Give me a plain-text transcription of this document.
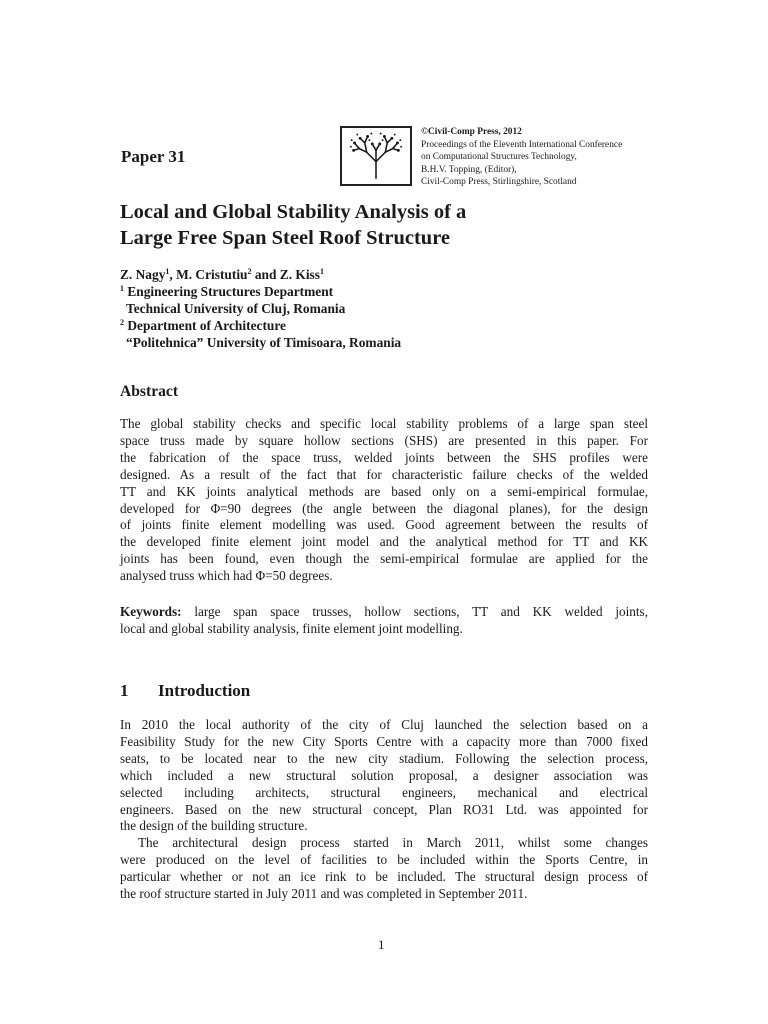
Paper 31
©Civil-Comp Press, 2012
Proceedings of the Eleventh International Conference
on Computational Structures Technology,
B.H.V. Topping, (Editor),
Civil-Comp Press, Stirlingshire, Scotland
Local and Global Stability Analysis of a
Large Free Span Steel Roof Structure
Z. Nagy$^1$, M. Cristutiu$^2$ and Z. Kiss$^1$
$^1$ Engineering Structures Department
Technical University of Cluj, Romania
$^2$ Department of Architecture
“Politehnica” University of Timisoara, Romania
Abstract
The global stability checks and specific local stability problems of a large span steel
space truss made by square hollow sections (SHS) are presented in this paper. For
the fabrication of the space truss, welded joints between the SHS profiles were
designed. As a result of the fact that for characteristic failure checks of the welded
TT and KK joints analytical methods are based only on a semi-empirical formulae,
developed for Φ=90 degrees (the angle between the diagonal planes), for the design
of joints finite element modelling was used. Good agreement between the results of
the developed finite element joint model and the analytical method for TT and KK
joints has been found, even though the semi-empirical formulae are applied for the
analysed truss which had Φ=50 degrees.
Keywords: large span space trusses, hollow sections, TT and KK welded joints,
local and global stability analysis, finite element joint modelling.
1 Introduction
In 2010 the local authority of the city of Cluj launched the selection based on a
Feasibility Study for the new City Sports Centre with a capacity more than 7000 fixed
seats, to be located near to the new city stadium. Following the selection process,
which included a new structural solution proposal, a designer association was
selected including architects, structural engineers, mechanical and electrical
engineers. Based on the new structural concept, Plan RO31 Ltd. was appointed for
the design of the building structure.
The architectural design process started in March 2011, whilst some changes
were produced on the level of facilities to be included within the Sports Centre, in
particular whether or not an ice rink to be included. The structural design process of
the roof structure started in July 2011 and was completed in September 2011.
1
